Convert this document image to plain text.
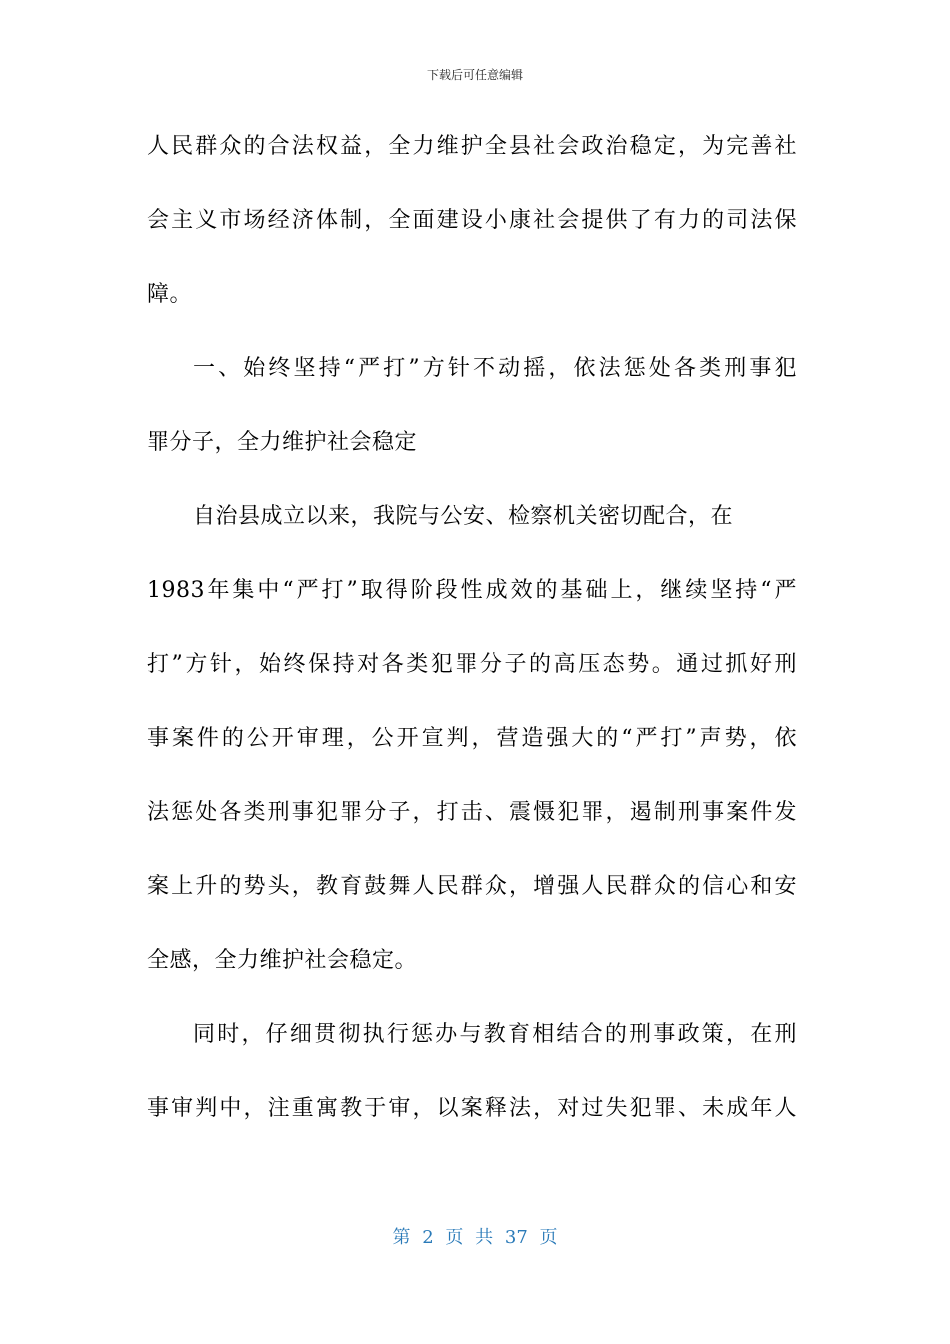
下载后可任意编辑
人民群众的合法权益，全力维护全县社会政治稳定，为完善社
会主义市场经济体制，全面建设小康社会提供了有力的司法保
障。
一、始终坚持“严打”方针不动摇，依法惩处各类刑事犯
罪分子，全力维护社会稳定
自治县成立以来，我院与公安、检察机关密切配合，在
1983年集中“严打”取得阶段性成效的基础上，继续坚持“严
打”方针，始终保持对各类犯罪分子的高压态势。通过抓好刑
事案件的公开审理，公开宣判，营造强大的“严打”声势，依
法惩处各类刑事犯罪分子，打击、震慑犯罪，遏制刑事案件发
案上升的势头，教育鼓舞人民群众，增强人民群众的信心和安
全感，全力维护社会稳定。
同时，仔细贯彻执行惩办与教育相结合的刑事政策，在刑
事审判中，注重寓教于审，以案释法，对过失犯罪、未成年人
第 2 页 共 37 页
